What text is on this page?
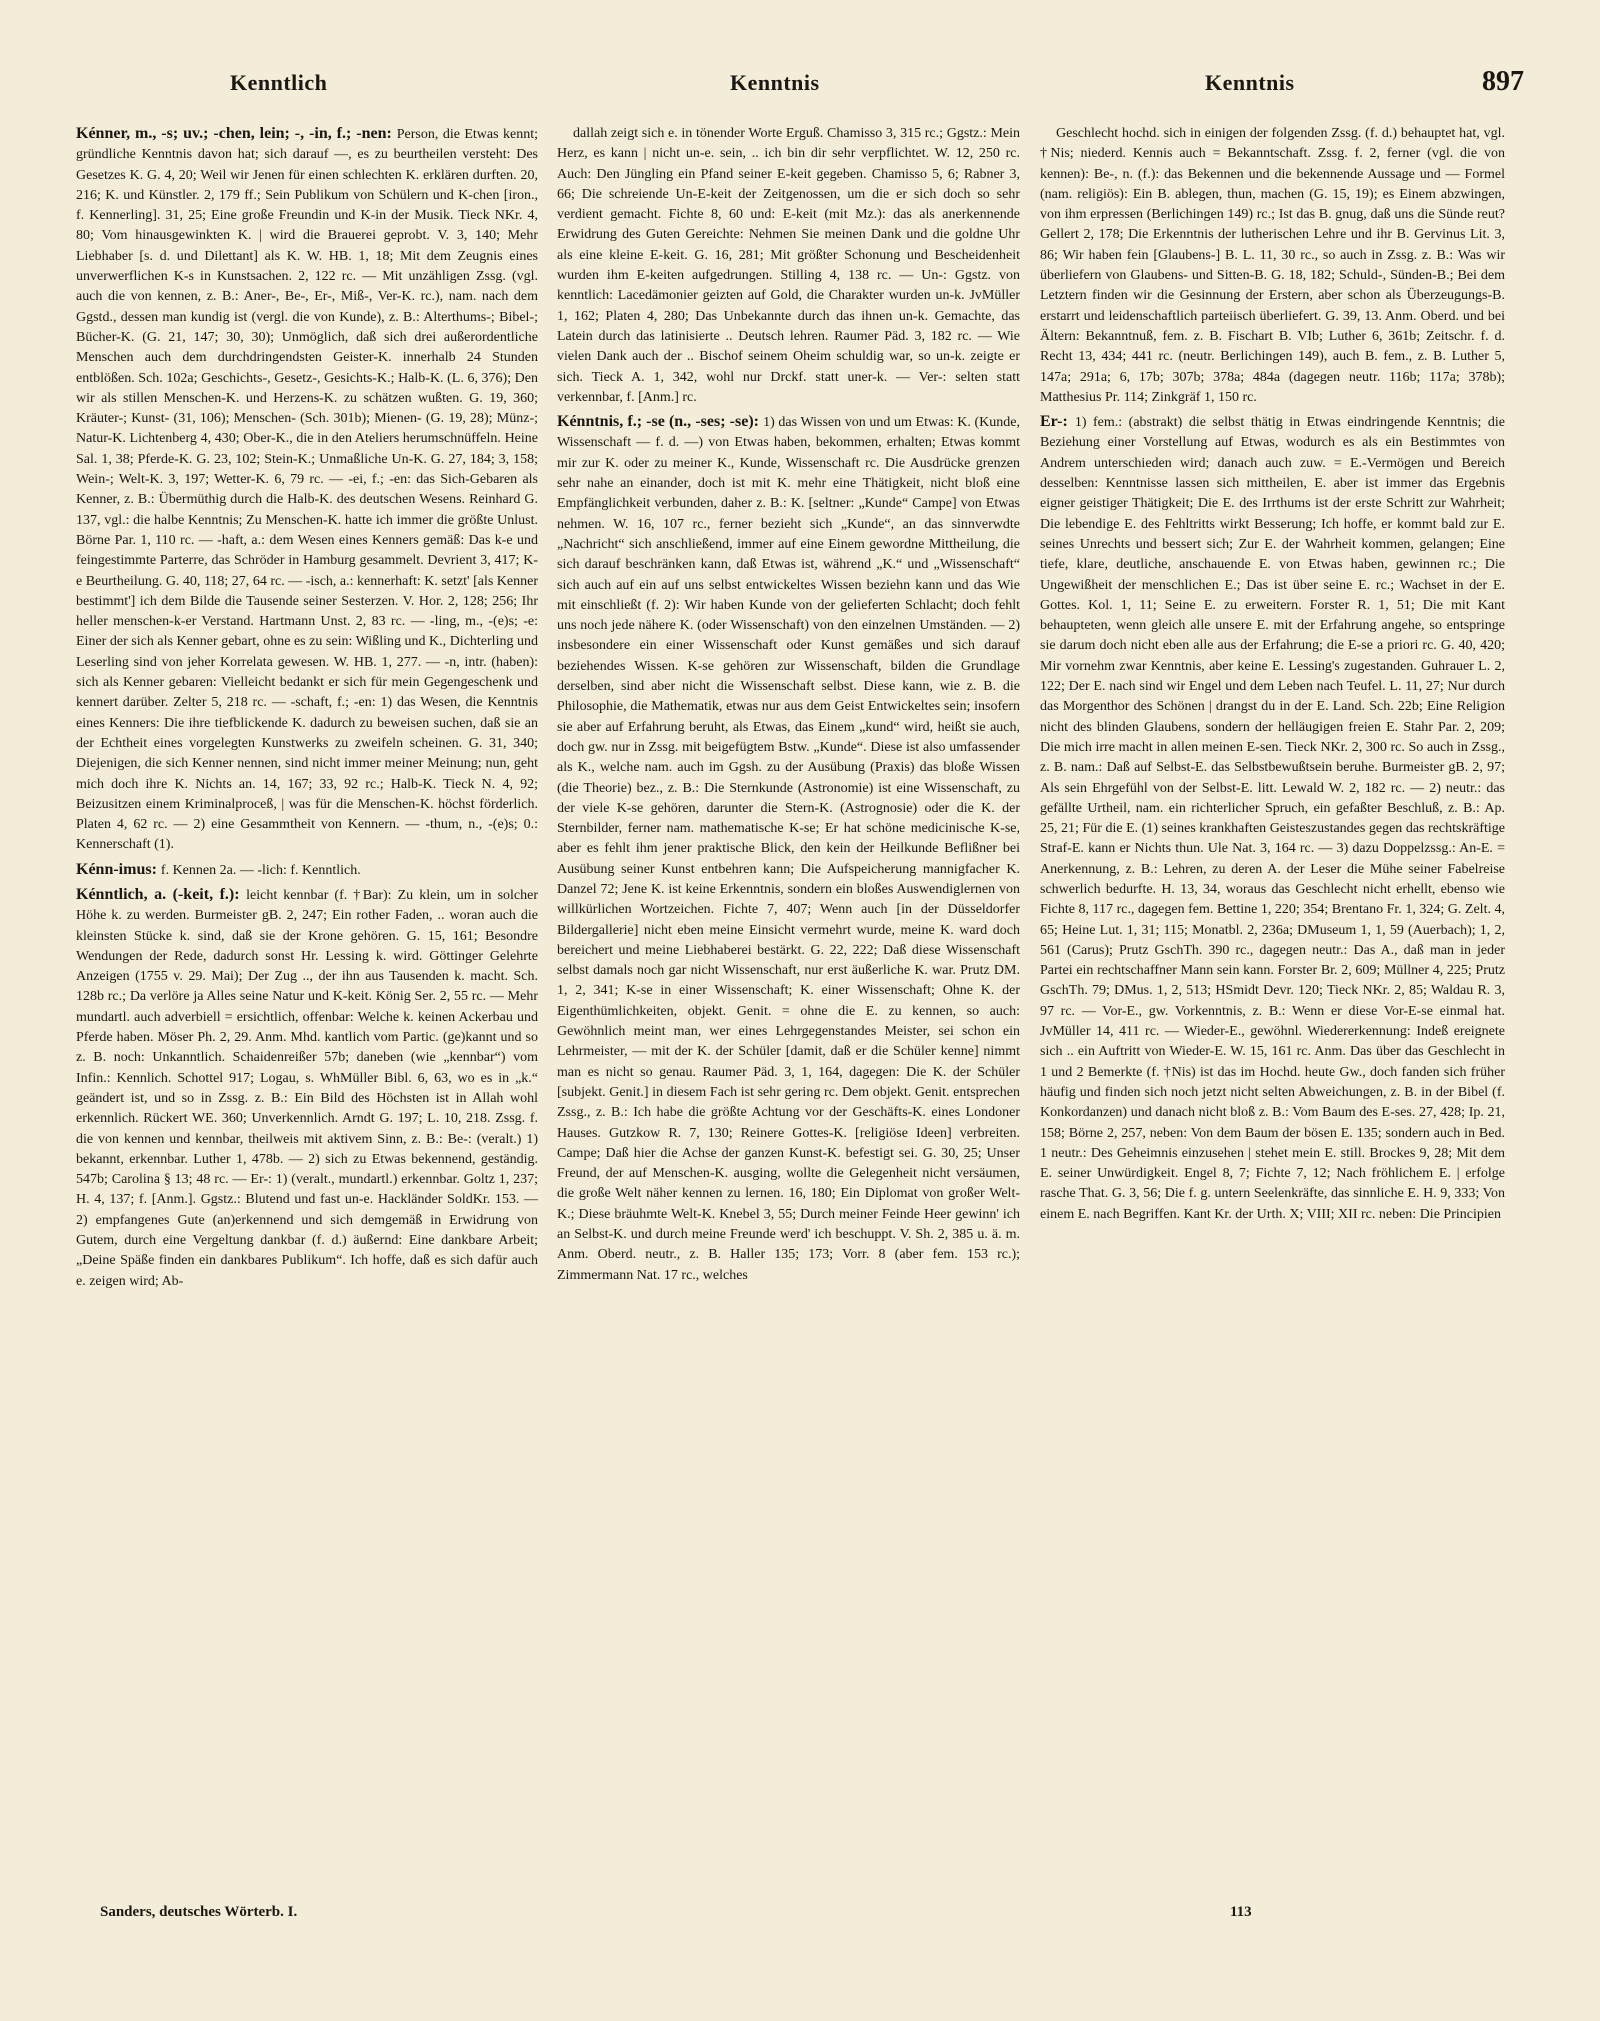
Kenntlich	Kenntnis	Kenntnis	897

Kénner, m., -s; uv.; -chen, lein; -, -in, f.; -nen: Person, die Etwas kennt; gründliche Kenntnis davon hat; sich darauf —, es zu beurtheilen versteht: Des Gesetzes K. G. 4, 20; Weil wir Jenen für einen schlechten K. erklären durften. 20, 216; K. und Künstler. 2, 179 ff.; Sein Publikum von Schülern und K-chen [iron., f. Kennerling]. 31, 25; Eine große Freundin und K-in der Musik. Tieck NKr. 4, 80; Vom hinausgewinkten K. | wird die Brauerei geprobt. V. 3, 140; Mehr Liebhaber [s. d. und Dilettant] als K. W. HB. 1, 18; Mit dem Zeugnis eines unverwerflichen K-s in Kunstsachen. 2, 122 rc. — Mit unzähligen Zssg. (vgl. auch die von kennen, z. B.: Aner-, Be-, Er-, Miß-, Ver-K. rc.), nam. nach dem Ggstd., dessen man kundig ist (vergl. die von Kunde), z. B.: Alterthums-; Bibel-; Bücher-K. (G. 21, 147; 30, 30); Unmöglich, daß sich drei außerordentliche Menschen auch dem durchdringendsten Geister-K. innerhalb 24 Stunden entblößen. Sch. 102a; Geschichts-, Gesetz-, Gesichts-K.; Halb-K. (L. 6, 376); Den wir als stillen Menschen-K. und Herzens-K. zu schätzen wußten. G. 19, 360; Kräuter-; Kunst- (31, 106); Menschen- (Sch. 301b); Mienen- (G. 19, 28); Münz-; Natur-K. Lichtenberg 4, 430; Ober-K., die in den Ateliers herumschnüffeln. Heine Sal. 1, 38; Pferde-K. G. 23, 102; Stein-K.; Unmaßliche Un-K. G. 27, 184; 3, 158; Wein-; Welt-K. 3, 197; Wetter-K. 6, 79 rc. — -ei, f.; -en: das Sich-Gebaren als Kenner, z. B.: Übermüthig durch die Halb-K. des deutschen Wesens. Reinhard G. 137, vgl.: die halbe Kenntnis; Zu Menschen-K. hatte ich immer die größte Unlust. Börne Par. 1, 110 rc. — -haft, a.: dem Wesen eines Kenners gemäß: Das k-e und feingestimmte Parterre, das Schröder in Hamburg gesammelt. Devrient 3, 417; K-e Beurtheilung. G. 40, 118; 27, 64 rc. — -isch, a.: kennerhaft: K. setzt' [als Kenner bestimmt'] ich dem Bilde die Tausende seiner Sesterzen. V. Hor. 2, 128; 256; Ihr heller menschen-k-er Verstand. Hartmann Unst. 2, 83 rc. — -ling, m., -(e)s; -e: Einer der sich als Kenner gebart, ohne es zu sein: Wißling und K., Dichterling und Leserling sind von jeher Korrelata gewesen. W. HB. 1, 277. — -n, intr. (haben): sich als Kenner gebaren: Vielleicht bedankt er sich für mein Gegengeschenk und kennert darüber. Zelter 5, 218 rc. — -schaft, f.; -en: 1) das Wesen, die Kenntnis eines Kenners: Die ihre tiefblickende K. dadurch zu beweisen suchen, daß sie an der Echtheit eines vorgelegten Kunstwerks zu zweifeln scheinen. G. 31, 340; Diejenigen, die sich Kenner nennen, sind nicht immer meiner Meinung; nun, geht mich doch ihre K. Nichts an. 14, 167; 33, 92 rc.; Halb-K. Tieck N. 4, 92; Beizusitzen einem Kriminalproceß, | was für die Menschen-K. höchst förderlich. Platen 4, 62 rc. — 2) eine Gesammtheit von Kennern. — -thum, n., -(e)s; 0.: Kennerschaft (1).

Kénn-imus: f. Kennen 2a. — -lich: f. Kenntlich.

Kénntlich, a. (-keit, f.): leicht kennbar (f. †Bar): Zu klein, um in solcher Höhe k. zu werden. Burmeister gB. 2, 247; Ein rother Faden, .. woran auch die kleinsten Stücke k. sind, daß sie der Krone gehören. G. 15, 161; Besondre Wendungen der Rede, dadurch sonst Hr. Lessing k. wird. Göttinger Gelehrte Anzeigen (1755 v. 29. Mai); Der Zug .., der ihn aus Tausenden k. macht. Sch. 128b rc.; Da verlöre ja Alles seine Natur und K-keit. König Ser. 2, 55 rc. — Mehr mundartl. auch adverbiell = ersichtlich, offenbar: Welche k. keinen Ackerbau und Pferde haben. Möser Ph. 2, 29. Anm. Mhd. kantlich vom Partic. (ge)kannt und so z. B. noch: Unkanntlich. Schaidenreißer 57b; daneben (wie „kennbar“) vom Infin.: Kennlich. Schottel 917; Logau, s. WhMüller Bibl. 6, 63, wo es in „k.“ geändert ist, und so in Zssg. z. B.: Ein Bild des Höchsten ist in Allah wohl erkennlich. Rückert WE. 360; Unverkennlich. Arndt G. 197; L. 10, 218. Zssg. f. die von kennen und kennbar, theilweis mit aktivem Sinn, z. B.: Be-: (veralt.) 1) bekannt, erkennbar. Luther 1, 478b. — 2) sich zu Etwas bekennend, geständig. 547b; Carolina § 13; 48 rc. — Er-: 1) (veralt., mundartl.) erkennbar. Goltz 1, 237; H. 4, 137; f. [Anm.]. Ggstz.: Blutend und fast un-e. Hackländer SoldKr. 153. — 2) empfangenes Gute (an)erkennend und sich demgemäß in Erwidrung von Gutem, durch eine Vergeltung dankbar (f. d.) äußernd: Eine dankbare Arbeit; „Deine Späße finden ein dankbares Publikum“. Ich hoffe, daß es sich dafür auch e. zeigen wird; Ab-

dallah zeigt sich e. in tönender Worte Erguß. Chamisso 3, 315 rc.; Ggstz.: Mein Herz, es kann | nicht un-e. sein, .. ich bin dir sehr verpflichtet. W. 12, 250 rc. Auch: Den Jüngling ein Pfand seiner E-keit gegeben. Chamisso 5, 6; Rabner 3, 66; Die schreiende Un-E-keit der Zeitgenossen, um die er sich doch so sehr verdient gemacht. Fichte 8, 60 und: E-keit (mit Mz.): das als anerkennende Erwidrung des Guten Gereichte: Nehmen Sie meinen Dank und die goldne Uhr als eine kleine E-keit. G. 16, 281; Mit größter Schonung und Bescheidenheit wurden ihm E-keiten aufgedrungen. Stilling 4, 138 rc. — Un-: Ggstz. von kenntlich: Lacedämonier geizten auf Gold, die Charakter wurden un-k. JvMüller 1, 162; Platen 4, 280; Das Unbekannte durch das ihnen un-k. Gemachte, das Latein durch das latinisierte .. Deutsch lehren. Raumer Päd. 3, 182 rc. — Wie vielen Dank auch der .. Bischof seinem Oheim schuldig war, so un-k. zeigte er sich. Tieck A. 1, 342, wohl nur Drckf. statt uner-k. — Ver-: selten statt verkennbar, f. [Anm.] rc.

Kénntnis, f.; -se (n., -ses; -se): 1) das Wissen von und um Etwas: K. (Kunde, Wissenschaft — f. d. —) von Etwas haben, bekommen, erhalten; Etwas kommt mir zur K. oder zu meiner K., Kunde, Wissenschaft rc. Die Ausdrücke grenzen sehr nahe an einander, doch ist mit K. mehr eine Thätigkeit, nicht bloß eine Empfänglichkeit verbunden, daher z. B.: K. [seltner: „Kunde“ Campe] von Etwas nehmen. W. 16, 107 rc., ferner bezieht sich „Kunde“, an das sinnverwdte „Nachricht“ sich anschließend, immer auf eine Einem gewordne Mittheilung, die sich darauf beschränken kann, daß Etwas ist, während „K.“ und „Wissenschaft“ sich auch auf ein auf uns selbst entwickeltes Wissen beziehn kann und das Wie mit einschließt (f. 2): Wir haben Kunde von der gelieferten Schlacht; doch fehlt uns noch jede nähere K. (oder Wissenschaft) von den einzelnen Umständen. — 2) insbesondere ein einer Wissenschaft oder Kunst gemäßes und sich darauf beziehendes Wissen. K-se gehören zur Wissenschaft, bilden die Grundlage derselben, sind aber nicht die Wissenschaft selbst. Diese kann, wie z. B. die Philosophie, die Mathematik, etwas nur aus dem Geist Entwickeltes sein; insofern sie aber auf Erfahrung beruht, als Etwas, das Einem „kund“ wird, heißt sie auch, doch gw. nur in Zssg. mit beigefügtem Bstw. „Kunde“. Diese ist also umfassender als K., welche nam. auch im Ggsh. zu der Ausübung (Praxis) das bloße Wissen (die Theorie) bez., z. B.: Die Sternkunde (Astronomie) ist eine Wissenschaft, zu der viele K-se gehören, darunter die Stern-K. (Astrognosie) oder die K. der Sternbilder, ferner nam. mathematische K-se; Er hat schöne medicinische K-se, aber es fehlt ihm jener praktische Blick, den kein der Heilkunde Beflißner bei Ausübung seiner Kunst entbehren kann; Die Aufspeicherung mannigfacher K. Danzel 72; Jene K. ist keine Erkenntnis, sondern ein bloßes Auswendiglernen von willkürlichen Wortzeichen. Fichte 7, 407; Wenn auch [in der Düsseldorfer Bildergallerie] nicht eben meine Einsicht vermehrt wurde, meine K. ward doch bereichert und meine Liebhaberei bestärkt. G. 22, 222; Daß diese Wissenschaft selbst damals noch gar nicht Wissenschaft, nur erst äußerliche K. war. Prutz DM. 1, 2, 341; K-se in einer Wissenschaft; K. einer Wissenschaft; Ohne K. der Eigenthümlichkeiten, objekt. Genit. = ohne die E. zu kennen, so auch: Gewöhnlich meint man, wer eines Lehrgegenstandes Meister, sei schon ein Lehrmeister, — mit der K. der Schüler [damit, daß er die Schüler kenne] nimmt man es nicht so genau. Raumer Päd. 3, 1, 164, dagegen: Die K. der Schüler [subjekt. Genit.] in diesem Fach ist sehr gering rc. Dem objekt. Genit. entsprechen Zssg., z. B.: Ich habe die größte Achtung vor der Geschäfts-K. eines Londoner Hauses. Gutzkow R. 7, 130; Reinere Gottes-K. [religiöse Ideen] verbreiten. Campe; Daß hier die Achse der ganzen Kunst-K. befestigt sei. G. 30, 25; Unser Freund, der auf Menschen-K. ausging, wollte die Gelegenheit nicht versäumen, die große Welt näher kennen zu lernen. 16, 180; Ein Diplomat von großer Welt-K.; Diese bräuhmte Welt-K. Knebel 3, 55; Durch meiner Feinde Heer gewinn' ich an Selbst-K. und durch meine Freunde werd' ich beschuppt. V. Sh. 2, 385 u. ä. m. Anm. Oberd. neutr., z. B. Haller 135; 173; Vorr. 8 (aber fem. 153 rc.); Zimmermann Nat. 17 rc., welches

Geschlecht hochd. sich in einigen der folgenden Zssg. (f. d.) behauptet hat, vgl. †Nis; niederd. Kennis auch = Bekanntschaft. Zssg. f. 2, ferner (vgl. die von kennen): Be-, n. (f.): das Bekennen und die bekennende Aussage und — Formel (nam. religiös): Ein B. ablegen, thun, machen (G. 15, 19); es Einem abzwingen, von ihm erpressen (Berlichingen 149) rc.; Ist das B. gnug, daß uns die Sünde reut? Gellert 2, 178; Die Erkenntnis der lutherischen Lehre und ihr B. Gervinus Lit. 3, 86; Wir haben fein [Glaubens-] B. L. 11, 30 rc., so auch in Zssg. z. B.: Was wir überliefern von Glaubens- und Sitten-B. G. 18, 182; Schuld-, Sünden-B.; Bei dem Letztern finden wir die Gesinnung der Erstern, aber schon als Überzeugungs-B. erstarrt und leidenschaftlich parteiisch überliefert. G. 39, 13. Anm. Oberd. und bei Ältern: Bekanntnuß, fem. z. B. Fischart B. VIb; Luther 6, 361b; Zeitschr. f. d. Recht 13, 434; 441 rc. (neutr. Berlichingen 149), auch B. fem., z. B. Luther 5, 147a; 291a; 6, 17b; 307b; 378a; 484a (dagegen neutr. 116b; 117a; 378b); Matthesius Pr. 114; Zinkgräf 1, 150 rc.

Er-: 1) fem.: (abstrakt) die selbst thätig in Etwas eindringende Kenntnis; die Beziehung einer Vorstellung auf Etwas, wodurch es als ein Bestimmtes von Andrem unterschieden wird; danach auch zuw. = E.-Vermögen und Bereich desselben: Kenntnisse lassen sich mittheilen, E. aber ist immer das Ergebnis eigner geistiger Thätigkeit; Die E. des Irrthums ist der erste Schritt zur Wahrheit; Die lebendige E. des Fehltritts wirkt Besserung; Ich hoffe, er kommt bald zur E. seines Unrechts und bessert sich; Zur E. der Wahrheit kommen, gelangen; Eine tiefe, klare, deutliche, anschauende E. von Etwas haben, gewinnen rc.; Die Ungewißheit der menschlichen E.; Das ist über seine E. rc.; Wachset in der E. Gottes. Kol. 1, 11; Seine E. zu erweitern. Forster R. 1, 51; Die mit Kant behaupteten, wenn gleich alle unsere E. mit der Erfahrung angehe, so entspringe sie darum doch nicht eben alle aus der Erfahrung; die E-se a priori rc. G. 40, 420; Mir vornehm zwar Kenntnis, aber keine E. Lessing's zugestanden. Guhrauer L. 2, 122; Der E. nach sind wir Engel und dem Leben nach Teufel. L. 11, 27; Nur durch das Morgenthor des Schönen | drangst du in der E. Land. Sch. 22b; Eine Religion nicht des blinden Glaubens, sondern der helläugigen freien E. Stahr Par. 2, 209; Die mich irre macht in allen meinen E-sen. Tieck NKr. 2, 300 rc. So auch in Zssg., z. B. nam.: Daß auf Selbst-E. das Selbstbewußtsein beruhe. Burmeister gB. 2, 97; Als sein Ehrgefühl von der Selbst-E. litt. Lewald W. 2, 182 rc. — 2) neutr.: das gefällte Urtheil, nam. ein richterlicher Spruch, ein gefaßter Beschluß, z. B.: Ap. 25, 21; Für die E. (1) seines krankhaften Geisteszustandes gegen das rechtskräftige Straf-E. kann er Nichts thun. Ule Nat. 3, 164 rc. — 3) dazu Doppelzssg.: An-E. = Anerkennung, z. B.: Lehren, zu deren A. der Leser die Mühe seiner Fabelreise schwerlich bedurfte. H. 13, 34, woraus das Geschlecht nicht erhellt, ebenso wie Fichte 8, 117 rc., dagegen fem. Bettine 1, 220; 354; Brentano Fr. 1, 324; G. Zelt. 4, 65; Heine Lut. 1, 31; 115; Monatbl. 2, 236a; DMuseum 1, 1, 59 (Auerbach); 1, 2, 561 (Carus); Prutz GschTh. 390 rc., dagegen neutr.: Das A., daß man in jeder Partei ein rechtschaffner Mann sein kann. Forster Br. 2, 609; Müllner 4, 225; Prutz GschTh. 79; DMus. 1, 2, 513; HSmidt Devr. 120; Tieck NKr. 2, 85; Waldau R. 3, 97 rc. — Vor-E., gw. Vorkenntnis, z. B.: Wenn er diese Vor-E-se einmal hat. JvMüller 14, 411 rc. — Wieder-E., gewöhnl. Wiedererkennung: Indeß ereignete sich .. ein Auftritt von Wieder-E. W. 15, 161 rc. Anm. Das über das Geschlecht in 1 und 2 Bemerkte (f. †Nis) ist das im Hochd. heute Gw., doch fanden sich früher häufig und finden sich noch jetzt nicht selten Abweichungen, z. B. in der Bibel (f. Konkordanzen) und danach nicht bloß z. B.: Vom Baum des E-ses. 27, 428; Ip. 21, 158; Börne 2, 257, neben: Von dem Baum der bösen E. 135; sondern auch in Bed. 1 neutr.: Des Geheimnis einzusehen | stehet mein E. still. Brockes 9, 28; Mit dem E. seiner Unwürdigkeit. Engel 8, 7; Fichte 7, 12; Nach fröhlichem E. | erfolge rasche That. G. 3, 56; Die f. g. untern Seelenkräfte, das sinnliche E. H. 9, 333; Von einem E. nach Begriffen. Kant Kr. der Urth. X; VIII; XII rc. neben: Die Principien

Sanders, deutsches Wörterb. I.	113
